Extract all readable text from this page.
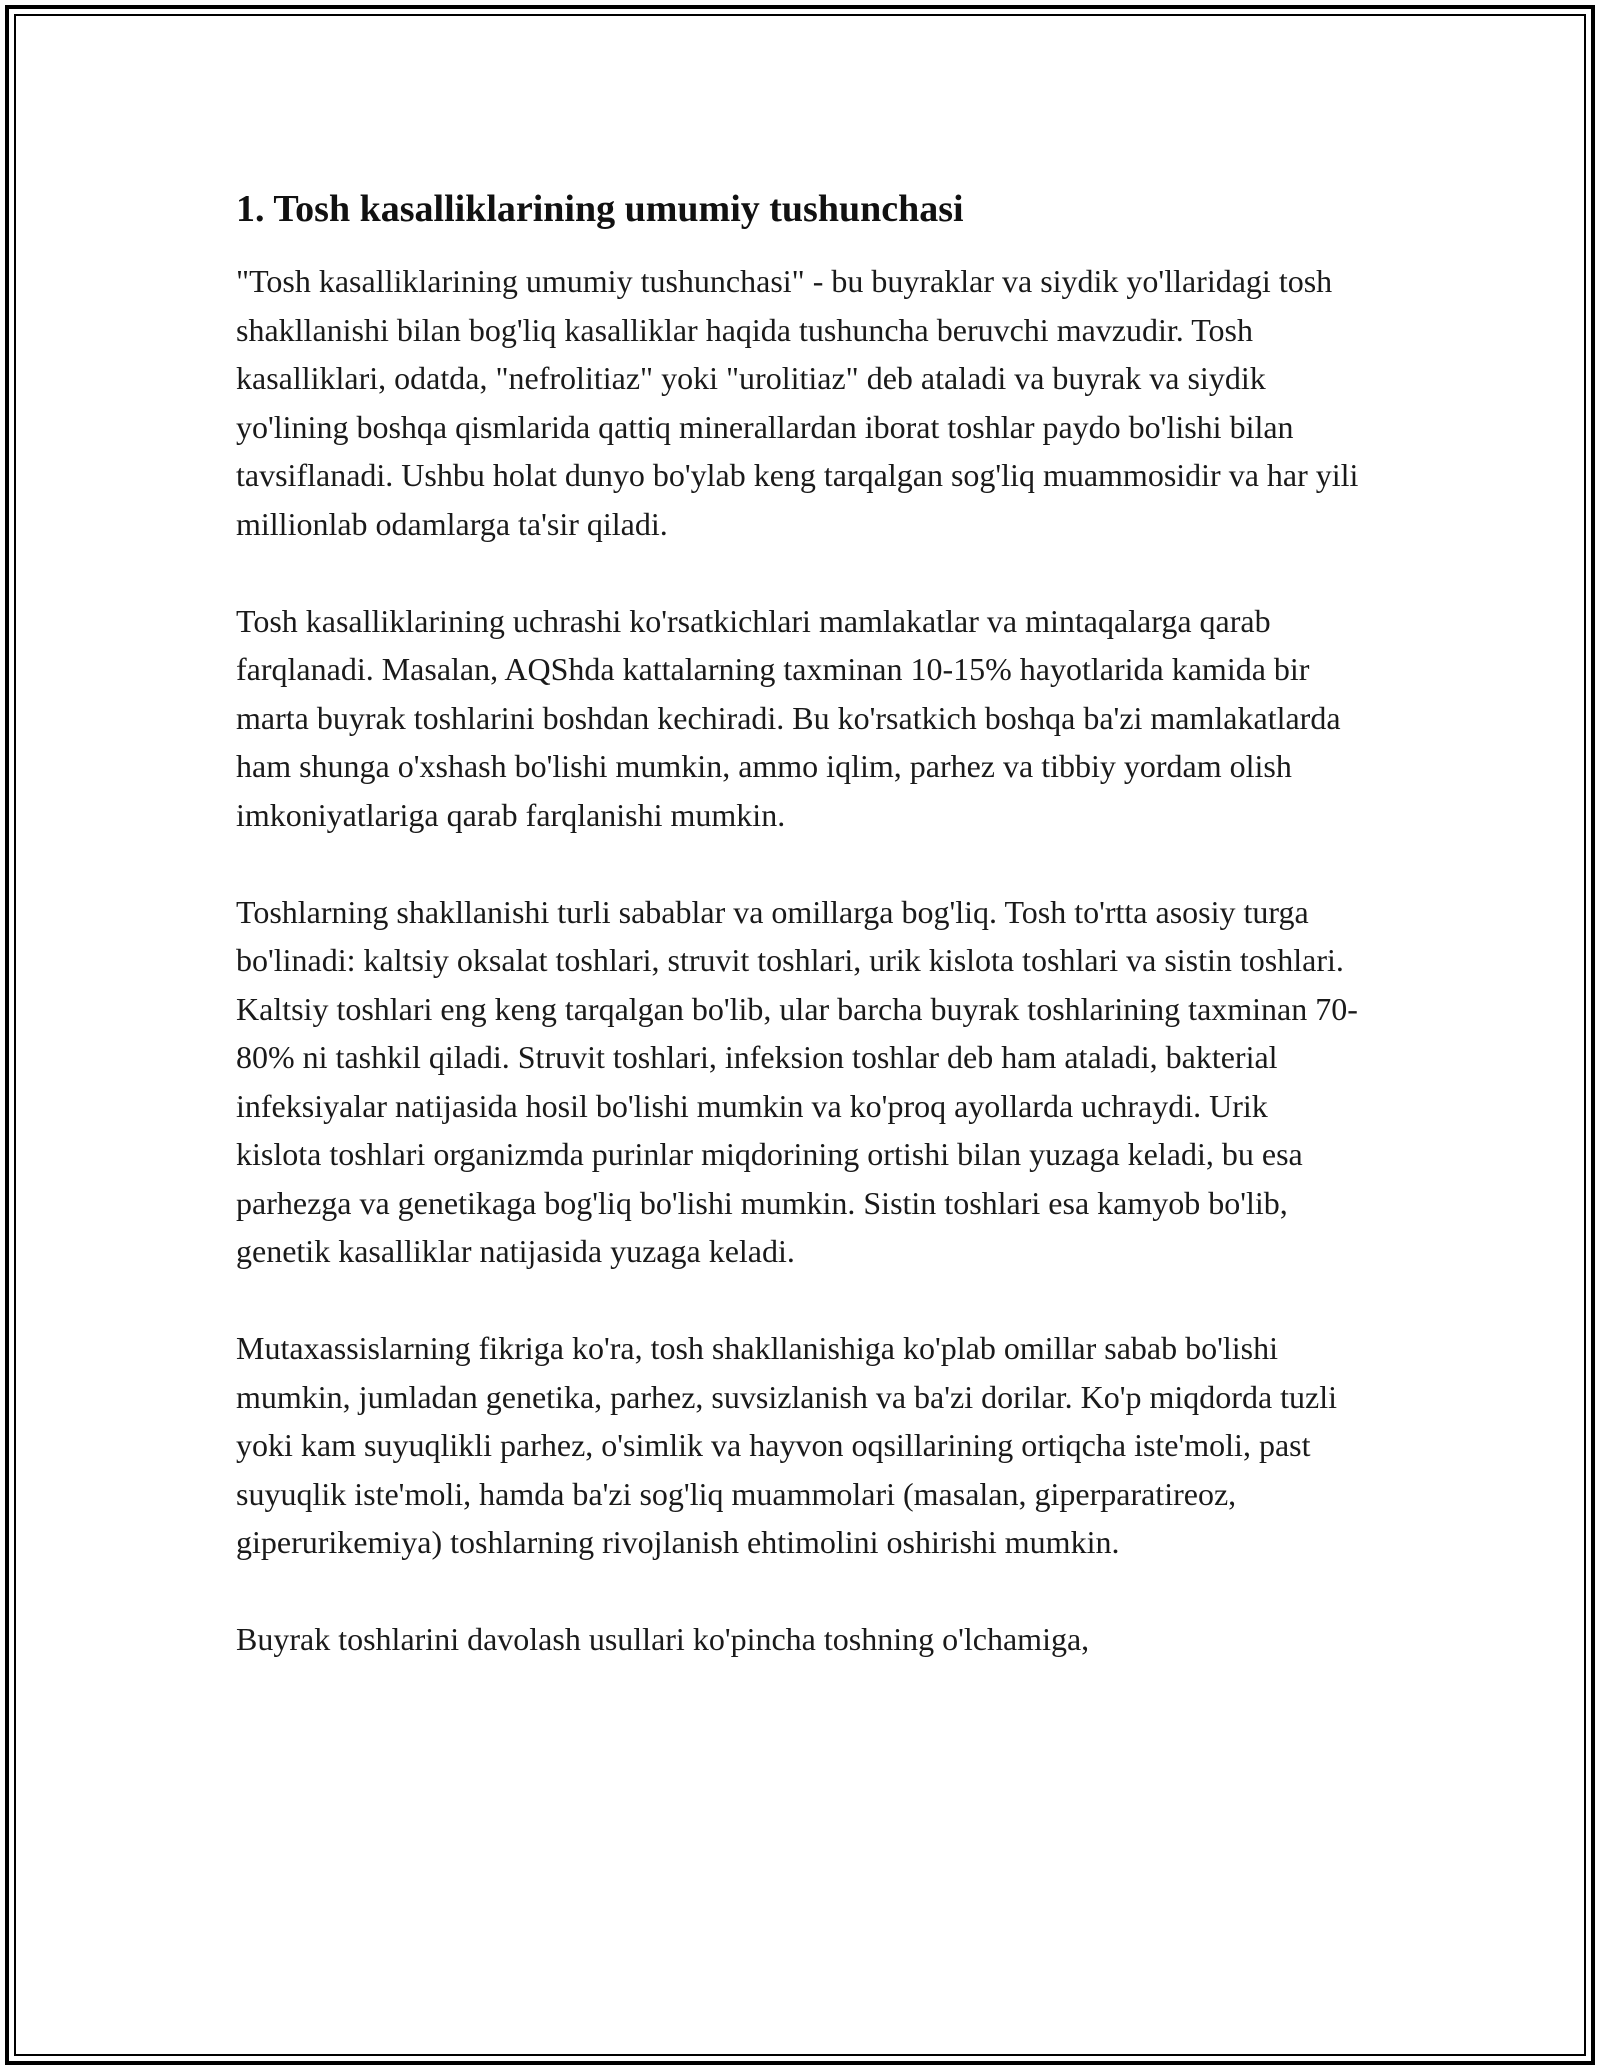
1. Tosh kasalliklarining umumiy tushunchasi

"Tosh kasalliklarining umumiy tushunchasi" - bu buyraklar va siydik yo'llaridagi tosh shakllanishi bilan bog'liq kasalliklar haqida tushuncha beruvchi mavzudir. Tosh kasalliklari, odatda, "nefrolitiaz" yoki "urolitiaz" deb ataladi va buyrak va siydik yo'lining boshqa qismlarida qattiq minerallardan iborat toshlar paydo bo'lishi bilan tavsiflanadi. Ushbu holat dunyo bo'ylab keng tarqalgan sog'liq muammosidir va har yili millionlab odamlarga ta'sir qiladi.

Tosh kasalliklarining uchrashi ko'rsatkichlari mamlakatlar va mintaqalarga qarab farqlanadi. Masalan, AQShda kattalarning taxminan 10-15% hayotlarida kamida bir marta buyrak toshlarini boshdan kechiradi. Bu ko'rsatkich boshqa ba'zi mamlakatlarda ham shunga o'xshash bo'lishi mumkin, ammo iqlim, parhez va tibbiy yordam olish imkoniyatlariga qarab farqlanishi mumkin.

Toshlarning shakllanishi turli sabablar va omillarga bog'liq. Tosh to'rtta asosiy turga bo'linadi: kaltsiy oksalat toshlari, struvit toshlari, urik kislota toshlari va sistin toshlari. Kaltsiy toshlari eng keng tarqalgan bo'lib, ular barcha buyrak toshlarining taxminan 70-80% ni tashkil qiladi. Struvit toshlari, infeksion toshlar deb ham ataladi, bakterial infeksiyalar natijasida hosil bo'lishi mumkin va ko'proq ayollarda uchraydi. Urik kislota toshlari organizmda purinlar miqdorining ortishi bilan yuzaga keladi, bu esa parhezga va genetikaga bog'liq bo'lishi mumkin. Sistin toshlari esa kamyob bo'lib, genetik kasalliklar natijasida yuzaga keladi.

Mutaxassislarning fikriga ko'ra, tosh shakllanishiga ko'plab omillar sabab bo'lishi mumkin, jumladan genetika, parhez, suvsizlanish va ba'zi dorilar. Ko'p miqdorda tuzli yoki kam suyuqlikli parhez, o'simlik va hayvon oqsillarining ortiqcha iste'moli, past suyuqlik iste'moli, hamda ba'zi sog'liq muammolari (masalan, giperparatireoz, giperurikemiya) toshlarning rivojlanish ehtimolini oshirishi mumkin.

Buyrak toshlarini davolash usullari ko'pincha toshning o'lchamiga,
